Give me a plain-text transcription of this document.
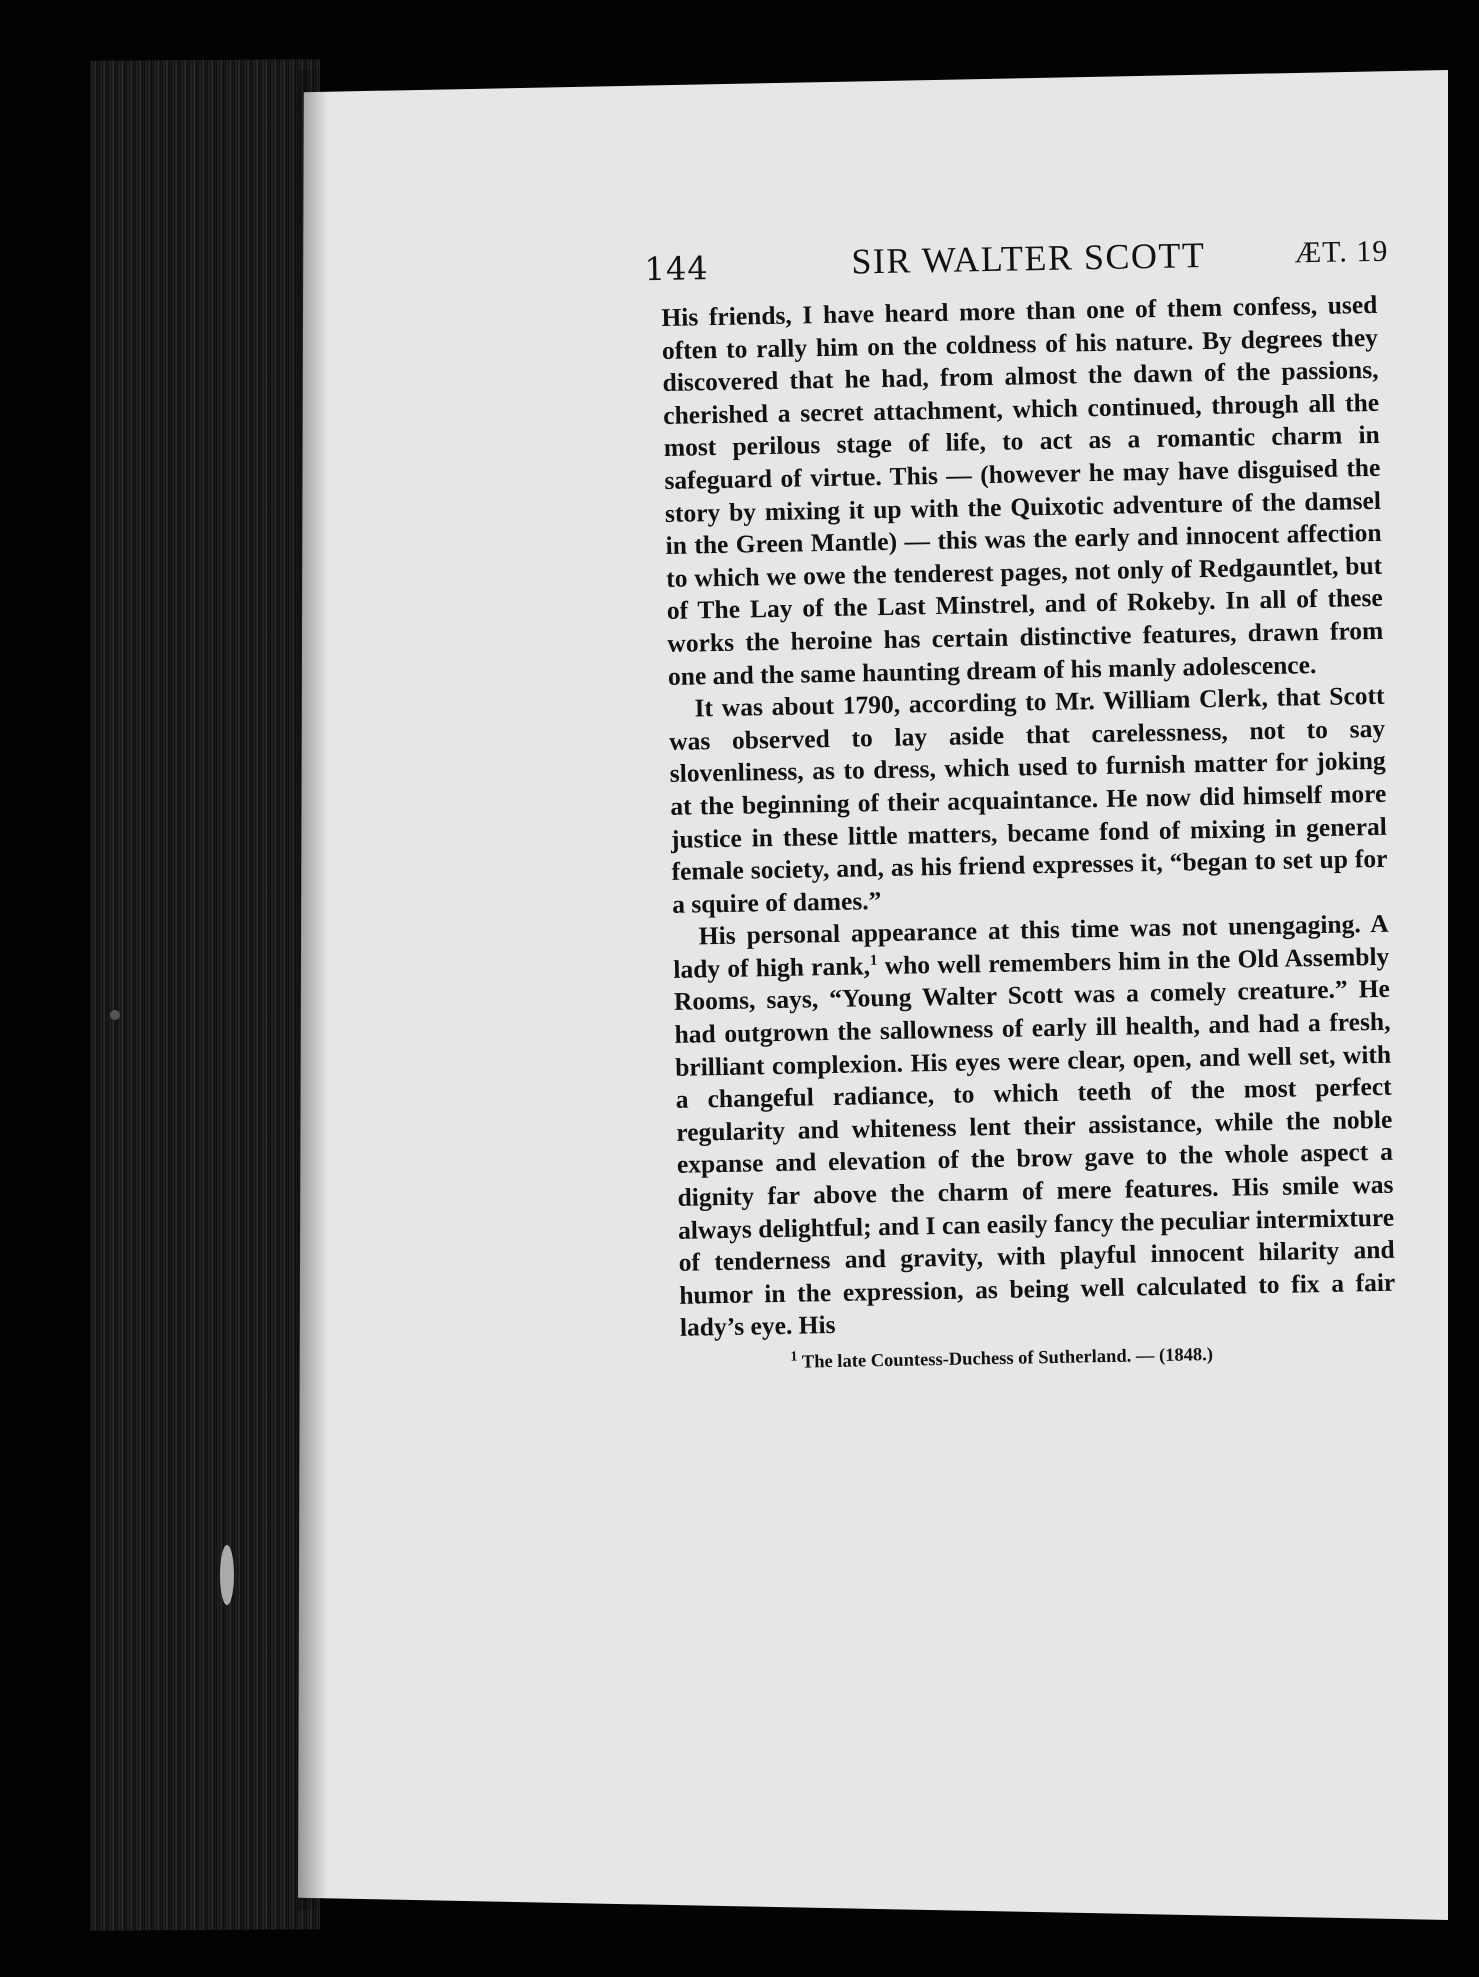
144	SIR WALTER SCOTT	ÆT. 19

His friends, I have heard more than one of them confess, used often to rally him on the coldness of his nature. By degrees they discovered that he had, from almost the dawn of the passions, cherished a secret attachment, which continued, through all the most perilous stage of life, to act as a romantic charm in safeguard of virtue. This — (however he may have disguised the story by mixing it up with the Quixotic adventure of the damsel in the Green Mantle) — this was the early and innocent affection to which we owe the tenderest pages, not only of Redgauntlet, but of The Lay of the Last Minstrel, and of Rokeby. In all of these works the heroine has certain distinctive features, drawn from one and the same haunting dream of his manly adolescence.

It was about 1790, according to Mr. William Clerk, that Scott was observed to lay aside that carelessness, not to say slovenliness, as to dress, which used to furnish matter for joking at the beginning of their acquaintance. He now did himself more justice in these little matters, became fond of mixing in general female society, and, as his friend expresses it, “began to set up for a squire of dames.”

His personal appearance at this time was not unengaging. A lady of high rank,$^1$ who well remembers him in the Old Assembly Rooms, says, “Young Walter Scott was a comely creature.” He had outgrown the sallowness of early ill health, and had a fresh, brilliant complexion. His eyes were clear, open, and well set, with a changeful radiance, to which teeth of the most perfect regularity and whiteness lent their assistance, while the noble expanse and elevation of the brow gave to the whole aspect a dignity far above the charm of mere features. His smile was always delightful; and I can easily fancy the peculiar intermixture of tenderness and gravity, with playful innocent hilarity and humor in the expression, as being well calculated to fix a fair lady’s eye. His

$^1$ The late Countess-Duchess of Sutherland. — (1848.)
